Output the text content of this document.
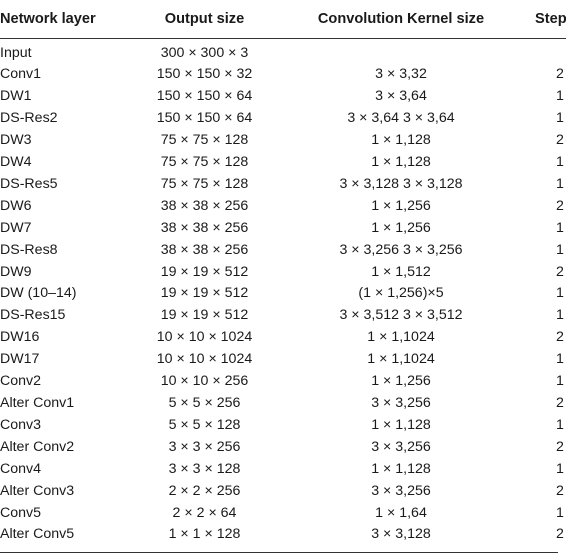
Network layer	Output size	Convolution Kernel size	Step
Input	300 × 300 × 3		
Conv1	150 × 150 × 32	3 × 3,32	2
DW1	150 × 150 × 64	3 × 3,64	1
DS-Res2	150 × 150 × 64	3 × 3,64 3 × 3,64	1
DW3	75 × 75 × 128	1 × 1,128	2
DW4	75 × 75 × 128	1 × 1,128	1
DS-Res5	75 × 75 × 128	3 × 3,128 3 × 3,128	1
DW6	38 × 38 × 256	1 × 1,256	2
DW7	38 × 38 × 256	1 × 1,256	1
DS-Res8	38 × 38 × 256	3 × 3,256 3 × 3,256	1
DW9	19 × 19 × 512	1 × 1,512	2
DW (10–14)	19 × 19 × 512	(1 × 1,256)×5	1
DS-Res15	19 × 19 × 512	3 × 3,512 3 × 3,512	1
DW16	10 × 10 × 1024	1 × 1,1024	2
DW17	10 × 10 × 1024	1 × 1,1024	1
Conv2	10 × 10 × 256	1 × 1,256	1
Alter Conv1	5 × 5 × 256	3 × 3,256	2
Conv3	5 × 5 × 128	1 × 1,128	1
Alter Conv2	3 × 3 × 256	3 × 3,256	2
Conv4	3 × 3 × 128	1 × 1,128	1
Alter Conv3	2 × 2 × 256	3 × 3,256	2
Conv5	2 × 2 × 64	1 × 1,64	1
Alter Conv5	1 × 1 × 128	3 × 3,128	2
